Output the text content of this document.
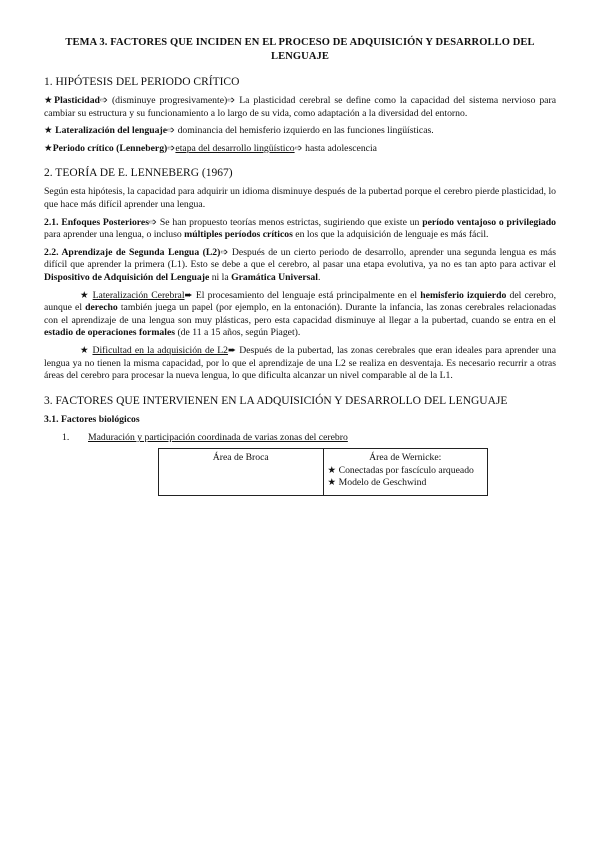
TEMA 3. FACTORES QUE INCIDEN EN EL PROCESO DE ADQUISICIÓN Y DESARROLLO DEL LENGUAJE
1. HIPÓTESIS DEL PERIODO CRÍTICO

★Plasticidad➩ (disminuye progresivamente)➩ La plasticidad cerebral se define como la capacidad del sistema nervioso para cambiar su estructura y su funcionamiento a lo largo de su vida, como adaptación a la diversidad del entorno.

★ Lateralización del lenguaje➩ dominancia del hemisferio izquierdo en las funciones lingüísticas.

★Periodo crítico (Lenneberg)➩etapa del desarrollo lingüístico➩ hasta adolescencia

2. TEORÍA DE E. LENNEBERG (1967)

Según esta hipótesis, la capacidad para adquirir un idioma disminuye después de la pubertad porque el cerebro pierde plasticidad, lo que hace más difícil aprender una lengua.

2.1. Enfoques Posteriores➩ Se han propuesto teorías menos estrictas, sugiriendo que existe un período ventajoso o privilegiado para aprender una lengua, o incluso múltiples períodos críticos en los que la adquisición de lenguaje es más fácil.

2.2. Aprendizaje de Segunda Lengua (L2)➩ Después de un cierto periodo de desarrollo, aprender una segunda lengua es más difícil que aprender la primera (L1). Esto se debe a que el cerebro, al pasar una etapa evolutiva, ya no es tan apto para activar el Dispositivo de Adquisición del Lenguaje ni la Gramática Universal.

★ Lateralización Cerebral➨ El procesamiento del lenguaje está principalmente en el hemisferio izquierdo del cerebro, aunque el derecho también juega un papel (por ejemplo, en la entonación). Durante la infancia, las zonas cerebrales relacionadas con el aprendizaje de una lengua son muy plásticas, pero esta capacidad disminuye al llegar a la pubertad, cuando se entra en el estadio de operaciones formales (de 11 a 15 años, según Piaget).

★ Dificultad en la adquisición de L2➨ Después de la pubertad, las zonas cerebrales que eran ideales para aprender una lengua ya no tienen la misma capacidad, por lo que el aprendizaje de una L2 se realiza en desventaja. Es necesario recurrir a otras áreas del cerebro para procesar la nueva lengua, lo que dificulta alcanzar un nivel comparable al de la L1.

3. FACTORES QUE INTERVIENEN EN LA ADQUISICIÓN Y DESARROLLO DEL LENGUAJE

3.1. Factores biológicos

1. Maduración y participación coordinada de varias zonas del cerebro
Área de Broca	Área de Wernicke:
★ Conectadas por fascículo arqueado
★ Modelo de Geschwind
